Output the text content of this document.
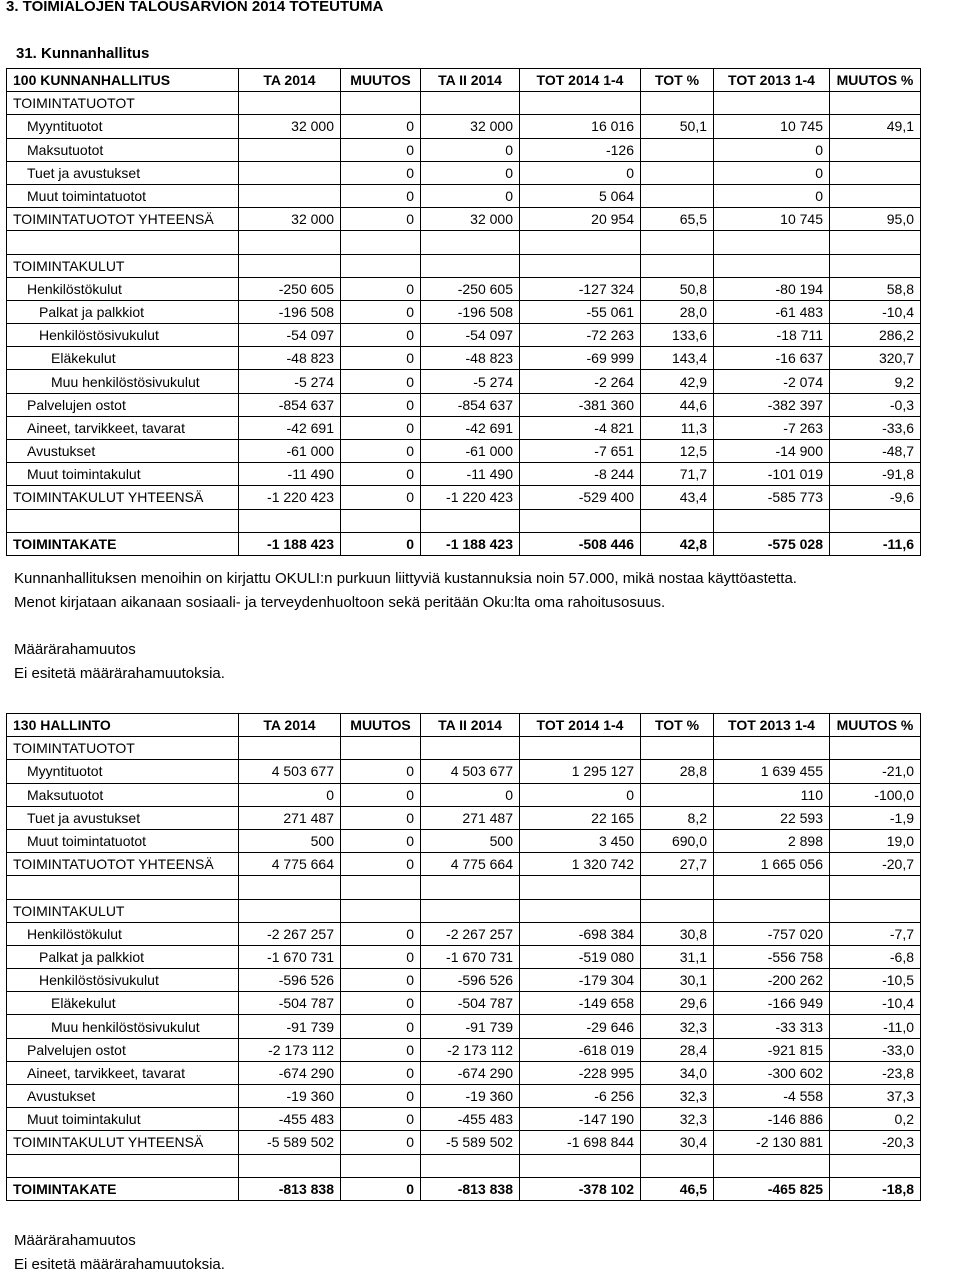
3. TOIMIALOJEN TALOUSARVION 2014 TOTEUTUMA
31. Kunnanhallitus
100 KUNNANHALLITUS	TA 2014	MUUTOS	TA II 2014	TOT 2014 1-4	TOT %	TOT 2013 1-4	MUUTOS %
TOIMINTATUOTOT							
Myyntituotot	32 000	0	32 000	16 016	50,1	10 745	49,1
Maksutuotot		0	0	-126		0	
Tuet ja avustukset		0	0	0		0	
Muut toimintatuotot		0	0	5 064		0	
TOIMINTATUOTOT YHTEENSÄ	32 000	0	32 000	20 954	65,5	10 745	95,0

TOIMINTAKULUT							
Henkilöstökulut	-250 605	0	-250 605	-127 324	50,8	-80 194	58,8
Palkat ja palkkiot	-196 508	0	-196 508	-55 061	28,0	-61 483	-10,4
Henkilöstösivukulut	-54 097	0	-54 097	-72 263	133,6	-18 711	286,2
Eläkekulut	-48 823	0	-48 823	-69 999	143,4	-16 637	320,7
Muu henkilöstösivukulut	-5 274	0	-5 274	-2 264	42,9	-2 074	9,2
Palvelujen ostot	-854 637	0	-854 637	-381 360	44,6	-382 397	-0,3
Aineet, tarvikkeet, tavarat	-42 691	0	-42 691	-4 821	11,3	-7 263	-33,6
Avustukset	-61 000	0	-61 000	-7 651	12,5	-14 900	-48,7
Muut toimintakulut	-11 490	0	-11 490	-8 244	71,7	-101 019	-91,8
TOIMINTAKULUT YHTEENSÄ	-1 220 423	0	-1 220 423	-529 400	43,4	-585 773	-9,6

TOIMINTAKATE	-1 188 423	0	-1 188 423	-508 446	42,8	-575 028	-11,6
Kunnanhallituksen menoihin on kirjattu OKULI:n purkuun liittyviä kustannuksia noin 57.000, mikä nostaa käyttöastetta.
Menot kirjataan aikanaan sosiaali- ja terveydenhuoltoon sekä peritään Oku:lta oma rahoitusosuus.
Määrärahamuutos
Ei esitetä määrärahamuutoksia.
130 HALLINTO	TA 2014	MUUTOS	TA II 2014	TOT 2014 1-4	TOT %	TOT 2013 1-4	MUUTOS %
TOIMINTATUOTOT							
Myyntituotot	4 503 677	0	4 503 677	1 295 127	28,8	1 639 455	-21,0
Maksutuotot	0	0	0	0		110	-100,0
Tuet ja avustukset	271 487	0	271 487	22 165	8,2	22 593	-1,9
Muut toimintatuotot	500	0	500	3 450	690,0	2 898	19,0
TOIMINTATUOTOT YHTEENSÄ	4 775 664	0	4 775 664	1 320 742	27,7	1 665 056	-20,7

TOIMINTAKULUT							
Henkilöstökulut	-2 267 257	0	-2 267 257	-698 384	30,8	-757 020	-7,7
Palkat ja palkkiot	-1 670 731	0	-1 670 731	-519 080	31,1	-556 758	-6,8
Henkilöstösivukulut	-596 526	0	-596 526	-179 304	30,1	-200 262	-10,5
Eläkekulut	-504 787	0	-504 787	-149 658	29,6	-166 949	-10,4
Muu henkilöstösivukulut	-91 739	0	-91 739	-29 646	32,3	-33 313	-11,0
Palvelujen ostot	-2 173 112	0	-2 173 112	-618 019	28,4	-921 815	-33,0
Aineet, tarvikkeet, tavarat	-674 290	0	-674 290	-228 995	34,0	-300 602	-23,8
Avustukset	-19 360	0	-19 360	-6 256	32,3	-4 558	37,3
Muut toimintakulut	-455 483	0	-455 483	-147 190	32,3	-146 886	0,2
TOIMINTAKULUT YHTEENSÄ	-5 589 502	0	-5 589 502	-1 698 844	30,4	-2 130 881	-20,3

TOIMINTAKATE	-813 838	0	-813 838	-378 102	46,5	-465 825	-18,8
Määrärahamuutos
Ei esitetä määrärahamuutoksia.
